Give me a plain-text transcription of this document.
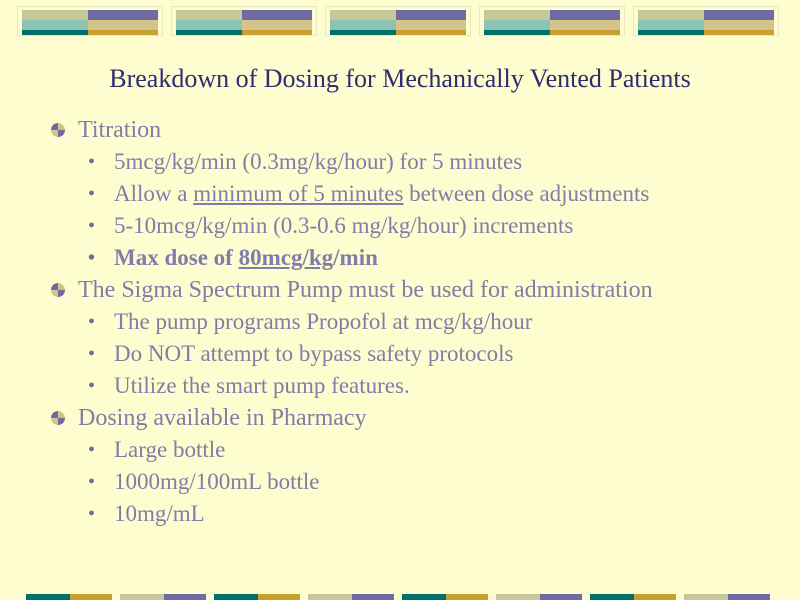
Breakdown of Dosing for Mechanically Vented Patients
Titration
• 5mcg/kg/min (0.3mg/kg/hour) for 5 minutes
• Allow a minimum of 5 minutes between dose adjustments
• 5-10mcg/kg/min (0.3-0.6 mg/kg/hour) increments
• Max dose of 80mcg/kg/min
The Sigma Spectrum Pump must be used for administration
• The pump programs Propofol at mcg/kg/hour
• Do NOT attempt to bypass safety protocols
• Utilize the smart pump features.
Dosing available in Pharmacy
• Large bottle
• 1000mg/100mL bottle
• 10mg/mL
